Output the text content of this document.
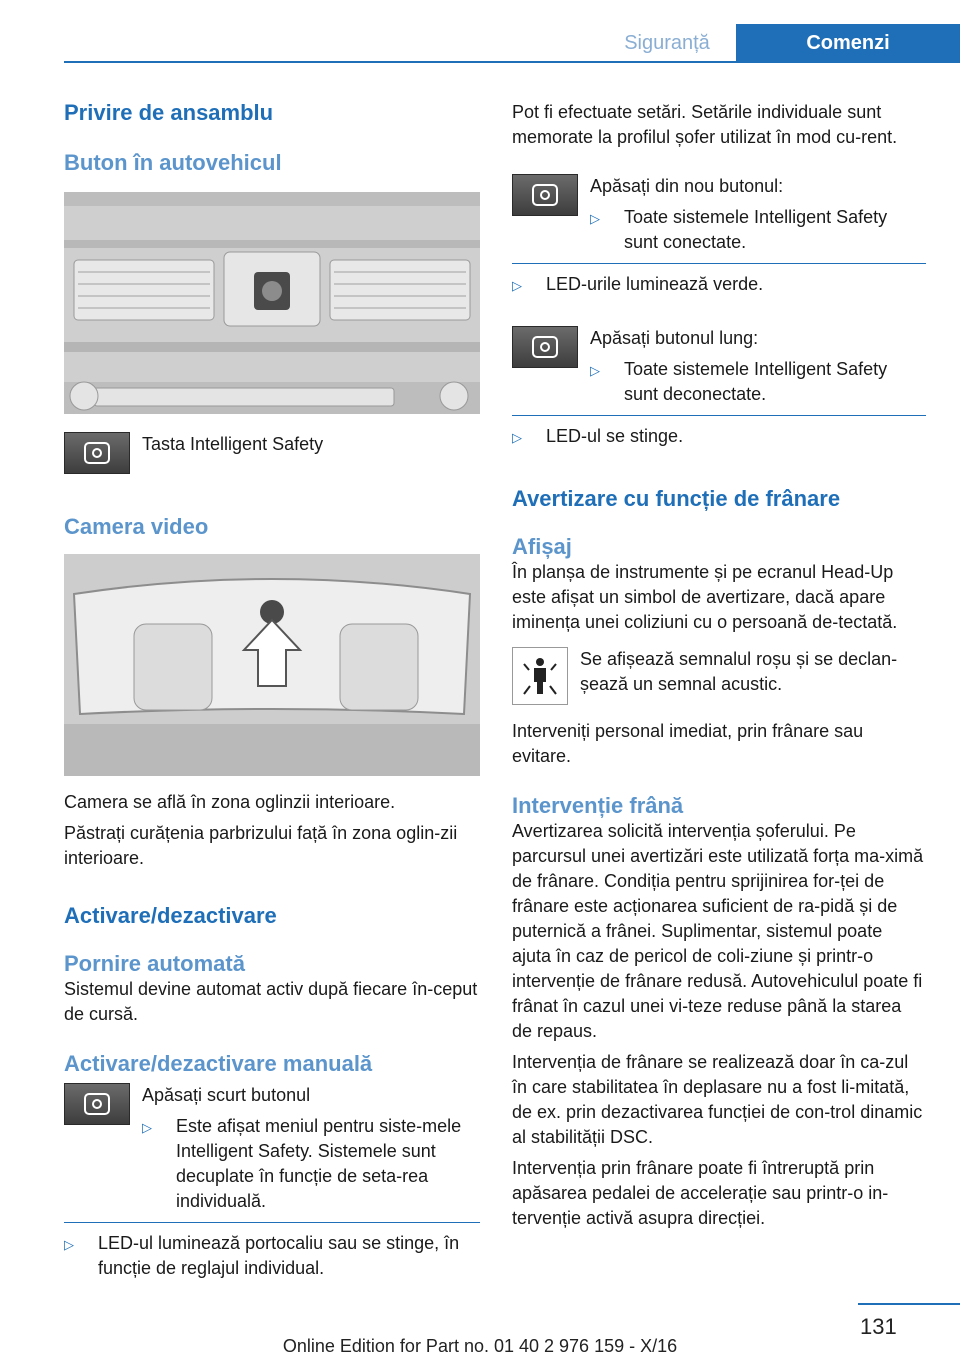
Siguranță	Comenzi
Privire de ansamblu
Buton în autovehicul

Tasta Intelligent Safety

Camera video

Camera se află în zona oglinzii interioare.

Păstrați curățenia parbrizului față în zona oglin‐zii interioare.

Activare/dezactivare
Pornire automată

Sistemul devine automat activ după fiecare în‐ceput de cursă.

Activare/dezactivare manuală

Apăsați scurt butonul

▷	Este afișat meniul pentru siste‐mele Intelligent Safety. Sistemele sunt decuplate în funcție de seta‐rea individuală.
▷	LED-ul luminează portocaliu sau se stinge, în funcție de reglajul individual.

Pot fi efectuate setări. Setările individuale sunt memorate la profilul șofer utilizat în mod cu‐rent.

Apăsați din nou butonul:

▷	Toate sistemele Intelligent Safety sunt conectate.
▷	LED-urile luminează verde.

Apăsați butonul lung:

▷	Toate sistemele Intelligent Safety sunt deconectate.
▷	LED-ul se stinge.
Avertizare cu funcție de frânare
Afișaj

În planșa de instrumente și pe ecranul Head-Up este afișat un simbol de avertizare, dacă apare iminența unei coliziuni cu o persoană de‐tectată.

Se afișează semnalul roșu și se declan‐șează un semnal acustic.

Interveniți personal imediat, prin frânare sau evitare.

Intervenție frână

Avertizarea solicită intervenția șoferului. Pe parcursul unei avertizări este utilizată forța ma‐ximă de frânare. Condiția pentru sprijinirea for‐ței de frânare este acționarea suficient de ra‐pidă și de puternică a frânei. Suplimentar, sistemul poate ajuta în caz de pericol de coli‐ziune și printr-o intervenție de frânare redusă. Autovehiculul poate fi frânat în cazul unei vi‐teze reduse până la starea de repaus.

Intervenția de frânare se realizează doar în ca‐zul în care stabilitatea în deplasare nu a fost li‐mitată, de ex. prin dezactivarea funcției de con‐trol dinamic al stabilității DSC.

Intervenția prin frânare poate fi întreruptă prin apăsarea pedalei de accelerație sau printr-o in‐tervenție activă asupra direcției.

131
Online Edition for Part no. 01 40 2 976 159 - X/16
